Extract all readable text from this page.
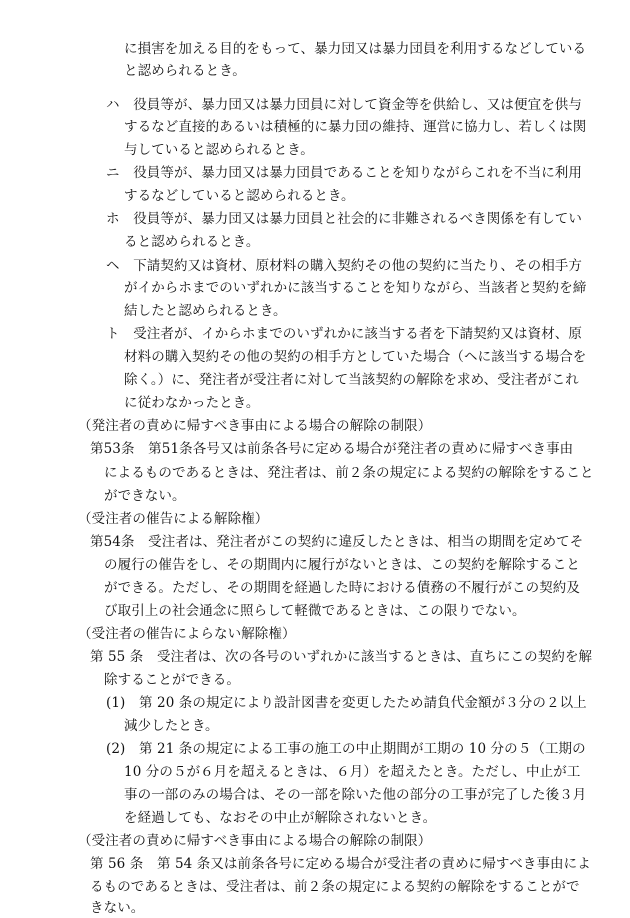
に損害を加える目的をもって、暴力団又は暴力団員を利用するなどしている
と認められるとき。
ハ　役員等が、暴力団又は暴力団員に対して資金等を供給し、又は便宜を供与
するなど直接的あるいは積極的に暴力団の維持、運営に協力し、若しくは関
与していると認められるとき。
ニ　役員等が、暴力団又は暴力団員であることを知りながらこれを不当に利用
するなどしていると認められるとき。
ホ　役員等が、暴力団又は暴力団員と社会的に非難されるべき関係を有してい
ると認められるとき。
ヘ　下請契約又は資材、原材料の購入契約その他の契約に当たり、その相手方
がイからホまでのいずれかに該当することを知りながら、当該者と契約を締
結したと認められるとき。
ト　受注者が、イからホまでのいずれかに該当する者を下請契約又は資材、原
材料の購入契約その他の契約の相手方としていた場合（ヘに該当する場合を
除く。）に、発注者が受注者に対して当該契約の解除を求め、受注者がこれ
に従わなかったとき。
（発注者の責めに帰すべき事由による場合の解除の制限）
第53条　第51条各号又は前条各号に定める場合が発注者の責めに帰すべき事由
によるものであるときは、発注者は、前２条の規定による契約の解除をすること
ができない。
（受注者の催告による解除権）
第54条　受注者は、発注者がこの契約に違反したときは、相当の期間を定めてそ
の履行の催告をし、その期間内に履行がないときは、この契約を解除すること
ができる。ただし、その期間を経過した時における債務の不履行がこの契約及
び取引上の社会通念に照らして軽微であるときは、この限りでない。
（受注者の催告によらない解除権）
第 55 条　受注者は、次の各号のいずれかに該当するときは、直ちにこの契約を解
除することができる。
(1)　第 20 条の規定により設計図書を変更したため請負代金額が３分の２以上
減少したとき。
(2)　第 21 条の規定による工事の施工の中止期間が工期の 10 分の５（工期の
10 分の５が６月を超えるときは、６月）を超えたとき。ただし、中止が工
事の一部のみの場合は、その一部を除いた他の部分の工事が完了した後３月
を経過しても、なおその中止が解除されないとき。
（受注者の責めに帰すべき事由による場合の解除の制限）
第 56 条　第 54 条又は前条各号に定める場合が受注者の責めに帰すべき事由によ
るものであるときは、受注者は、前２条の規定による契約の解除をすることがで
きない。
